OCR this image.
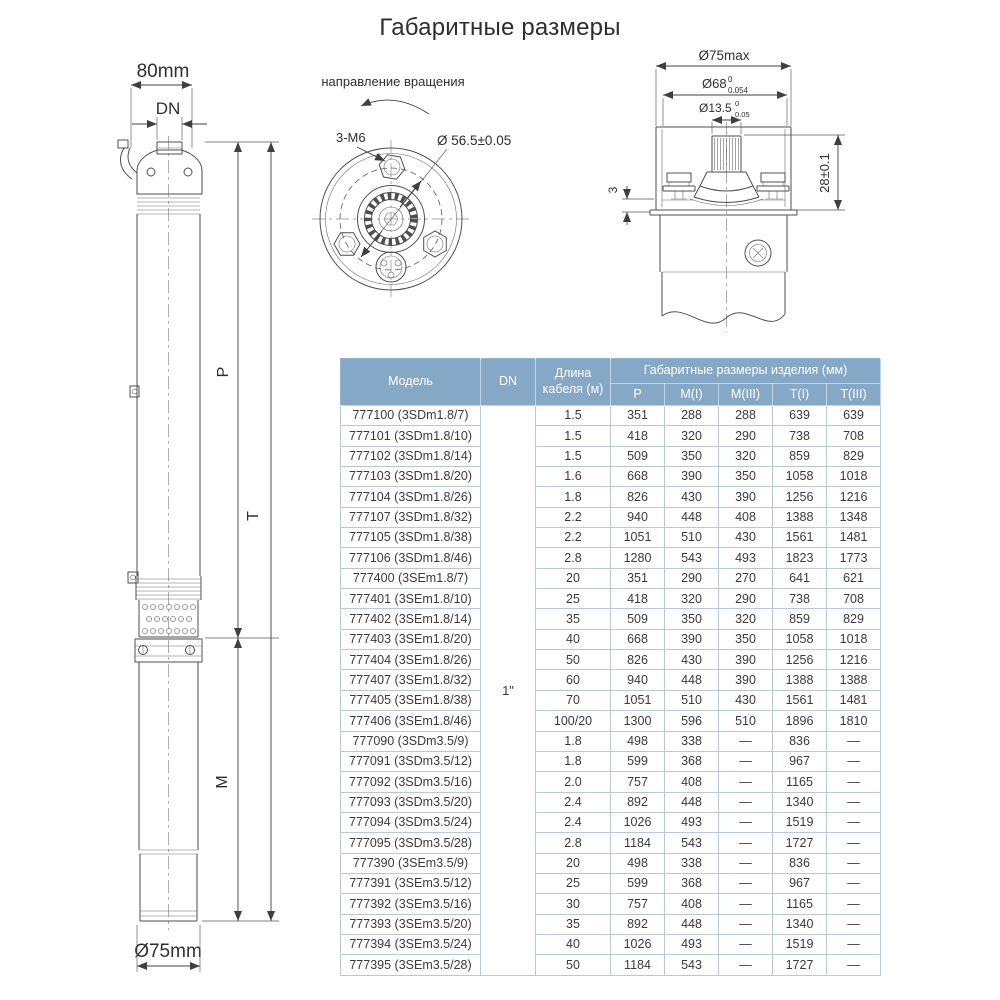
Габаритные размеры
80mm
DN
P
M
T
Ø75mm
направление вращения
3-M6	Ø 56.5±0.05
Ø75max
Ø68 0
0.054
Ø13.5 0
0.05
28±0.1
3
Модель	DN	Длина кабеля (м)	Габаритные размеры изделия (мм)				
			P	M(I)	M(III)	T(I)	T(III)
777100 (3SDm1.8/7)	1"	1.5	351	288	288	639	639
777101 (3SDm1.8/10)		1.5	418	320	290	738	708
777102 (3SDm1.8/14)		1.5	509	350	320	859	829
777103 (3SDm1.8/20)		1.6	668	390	350	1058	1018
777104 (3SDm1.8/26)		1.8	826	430	390	1256	1216
777107 (3SDm1.8/32)		2.2	940	448	408	1388	1348
777105 (3SDm1.8/38)		2.2	1051	510	430	1561	1481
777106 (3SDm1.8/46)		2.8	1280	543	493	1823	1773
777400 (3SEm1.8/7)		20	351	290	270	641	621
777401 (3SEm1.8/10)		25	418	320	290	738	708
777402 (3SEm1.8/14)		35	509	350	320	859	829
777403 (3SEm1.8/20)		40	668	390	350	1058	1018
777404 (3SEm1.8/26)		50	826	430	390	1256	1216
777407 (3SEm1.8/32)		60	940	448	390	1388	1388
777405 (3SEm1.8/38)		70	1051	510	430	1561	1481
777406 (3SEm1.8/46)		100/20	1300	596	510	1896	1810
777090 (3SDm3.5/9)		1.8	498	338	—	836	—
777091 (3SDm3.5/12)		1.8	599	368	—	967	—
777092 (3SDm3.5/16)		2.0	757	408	—	1165	—
777093 (3SDm3.5/20)		2.4	892	448	—	1340	—
777094 (3SDm3.5/24)		2.4	1026	493	—	1519	—
777095 (3SDm3.5/28)		2.8	1184	543	—	1727	—
777390 (3SEm3.5/9)		20	498	338	—	836	—
777391 (3SEm3.5/12)		25	599	368	—	967	—
777392 (3SEm3.5/16)		30	757	408	—	1165	—
777393 (3SEm3.5/20)		35	892	448	—	1340	—
777394 (3SEm3.5/24)		40	1026	493	—	1519	—
777395 (3SEm3.5/28)		50	1184	543	—	1727	—
